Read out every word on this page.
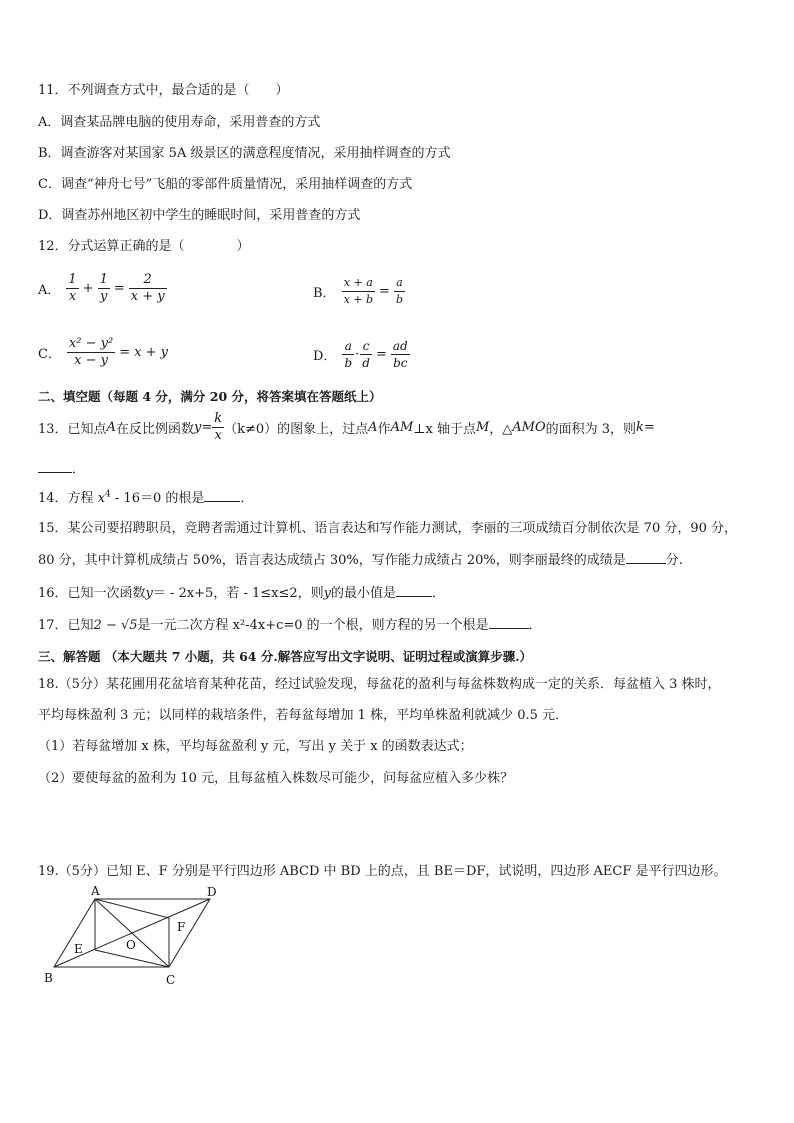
11．不列调查方式中，最合适的是（　　）
A．调查某品牌电脑的使用寿命，采用普查的方式
B．调查游客对某国家 5A 级景区的满意程度情况，采用抽样调查的方式
C．调查“神舟七号”飞船的零部件质量情况，采用抽样调查的方式
D．调查苏州地区初中学生的睡眠时间，采用普查的方式
12．分式运算正确的是（　　　　）
A． $\frac{1}{x} + \frac{1}{y} = \frac{2}{x + y}$	B． $\frac{x + a}{x + b} = \frac{a}{b}$
C． $\frac{\text{x² − y²}}{x - y} = x + y$	D． $\frac{a}{b} \cdot \frac{c}{d} = \frac{ad}{bc}$
二、填空题（每题 4 分，满分 20 分，将答案填在答题纸上）
13．已知点 A 在反比例函数 $y = \frac{k}{x} (k\ne 0)$的图象上，过点 A 作 AM ⊥x 轴于点 M ，△ AMO 的面积为 3，则 k =
．
14．方程 $x^4 - 16=0$ 的根是	．
15．某公司要招聘职员，竞聘者需通过计算机、语言表达和写作能力测试，李丽的三项成绩百分制依次是 70 分，90 分，
80 分，其中计算机成绩占 50%，语言表达成绩占 30%，写作能力成绩占 20%，则李丽最终的成绩是	分.
16．已知一次函数y＝ - 2x+5，若 - 1≤x≤2，则y的最小值是	．
17．已知2 − √5是一元二次方程 x²-4x+c=0 的一个根，则方程的另一个根是	．
三、解答题 （本大题共 7 小题，共 64 分.解答应写出文字说明、证明过程或演算步骤.）
18.（5分）某花圃用花盆培育某种花苗，经过试验发现，每盆花的盈利与每盆株数构成一定的关系．每盆植入 3 株时，
平均每株盈利 3 元；以同样的栽培条件，若每盆每增加 1 株，平均单株盈利就减少 0.5 元．
（1）若每盆增加 x 株，平均每盆盈利 y 元，写出 y 关于 x 的函数表达式；
（2）要使每盆的盈利为 10 元，且每盆植入株数尽可能少，问每盆应植入多少株？
19.（5分）已知 E、F 分别是平行四边形 ABCD 中 BD 上的点，且 BE＝DF，试说明，四边形 AECF 是平行四边形。
A
B	C
D
E
F
O
